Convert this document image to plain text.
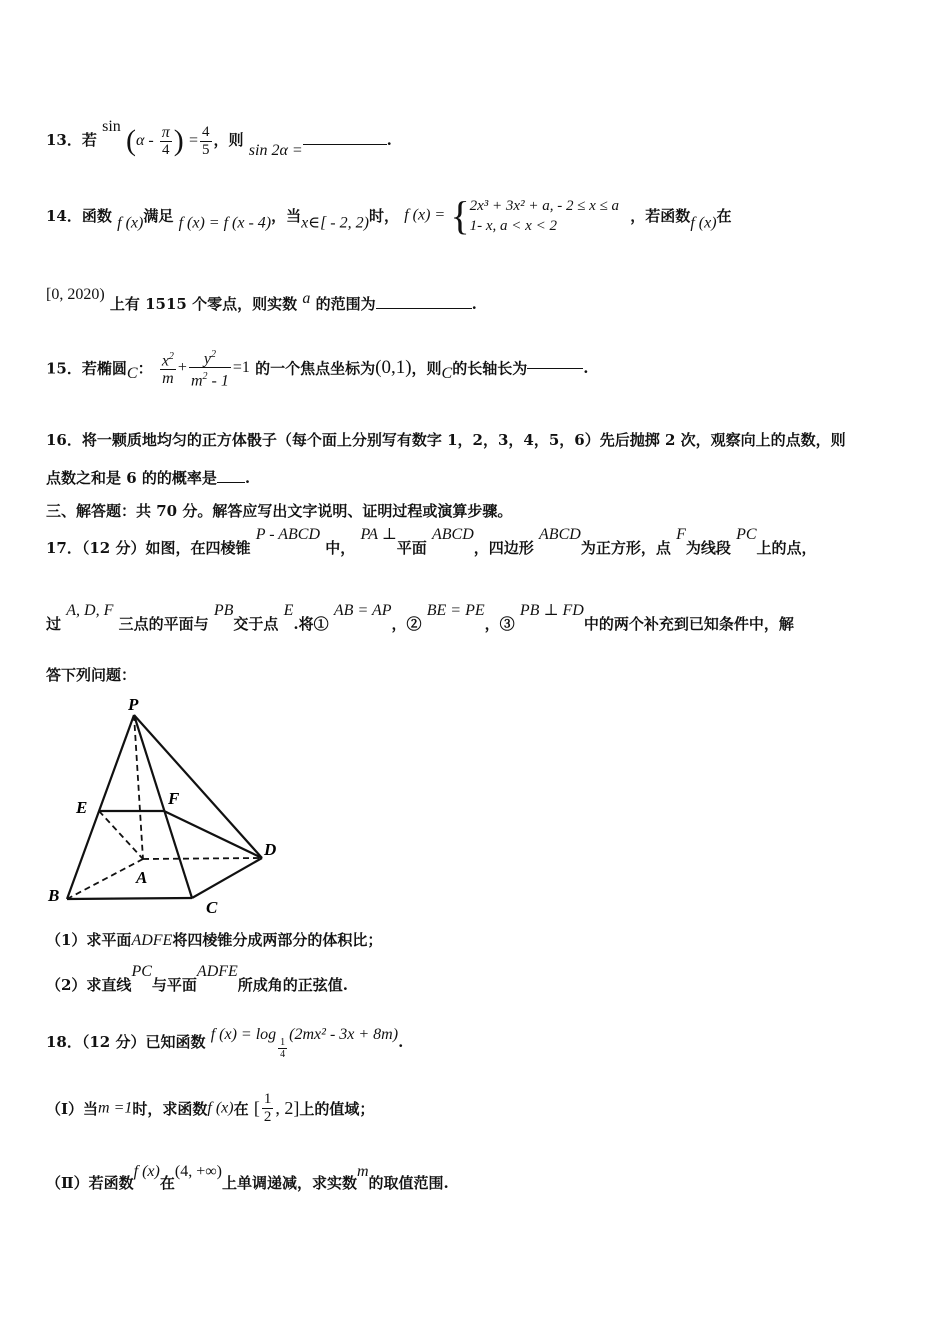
13．若 $\sin (\alpha - \frac{\pi}{4}$ ) = $\frac{4}{5}$ ，则 sin 2α =.
14．函数 f (x)满足 f (x) = f (x - 4)，当x∈[ - 2, 2)时， f (x) = { 2x³ + 3x² + a, - 2 ≤ x ≤ a
1- x, a < x < 2
，若函数f (x)在
[0, 2020) 上有 1515 个零点，则实数 a 的范围为	.
15．若椭圆C： $\frac{x^2}{m} + \frac{y^2}{m^2 - 1} =1$ 的一个焦点坐标为(0,1)，则C的长轴长为	.
16．将一颗质地均匀的正方体骰子（每个面上分别写有数字 1，2，3，4，5，6）先后抛掷 2 次，观察向上的点数，则
点数之和是 6 的的概率是 .
三、解答题：共 70 分。解答应写出文字说明、证明过程或演算步骤。
17．（12 分）如图，在四棱锥 P - ABCD 中， PA ⊥平面 ABCD，四边形 ABCD为正方形，点 F为线段 PC上的点，
过 A, D, F 三点的平面与 PB交于点 E.将① AB = AP，② BE = PE，③ PB ⊥ FD中的两个补充到已知条件中，解
答下列问题：
P
E	F
D
A
B
C
（1）求平面ADFE将四棱锥分成两部分的体积比；
（2）求直线PC与平面ADFE所成角的正弦值.
18．（12 分）已知函数 f (x) = log
$\frac{1}{4}$
(2mx² - 3x + 8m).
（Ⅰ）当m =1时，求函数f (x)在 [ $\frac{1}{2}$ , 2]上的值域；
（Ⅱ）若函数f (x)在(4, +∞)上单调递减，求实数m的取值范围.
